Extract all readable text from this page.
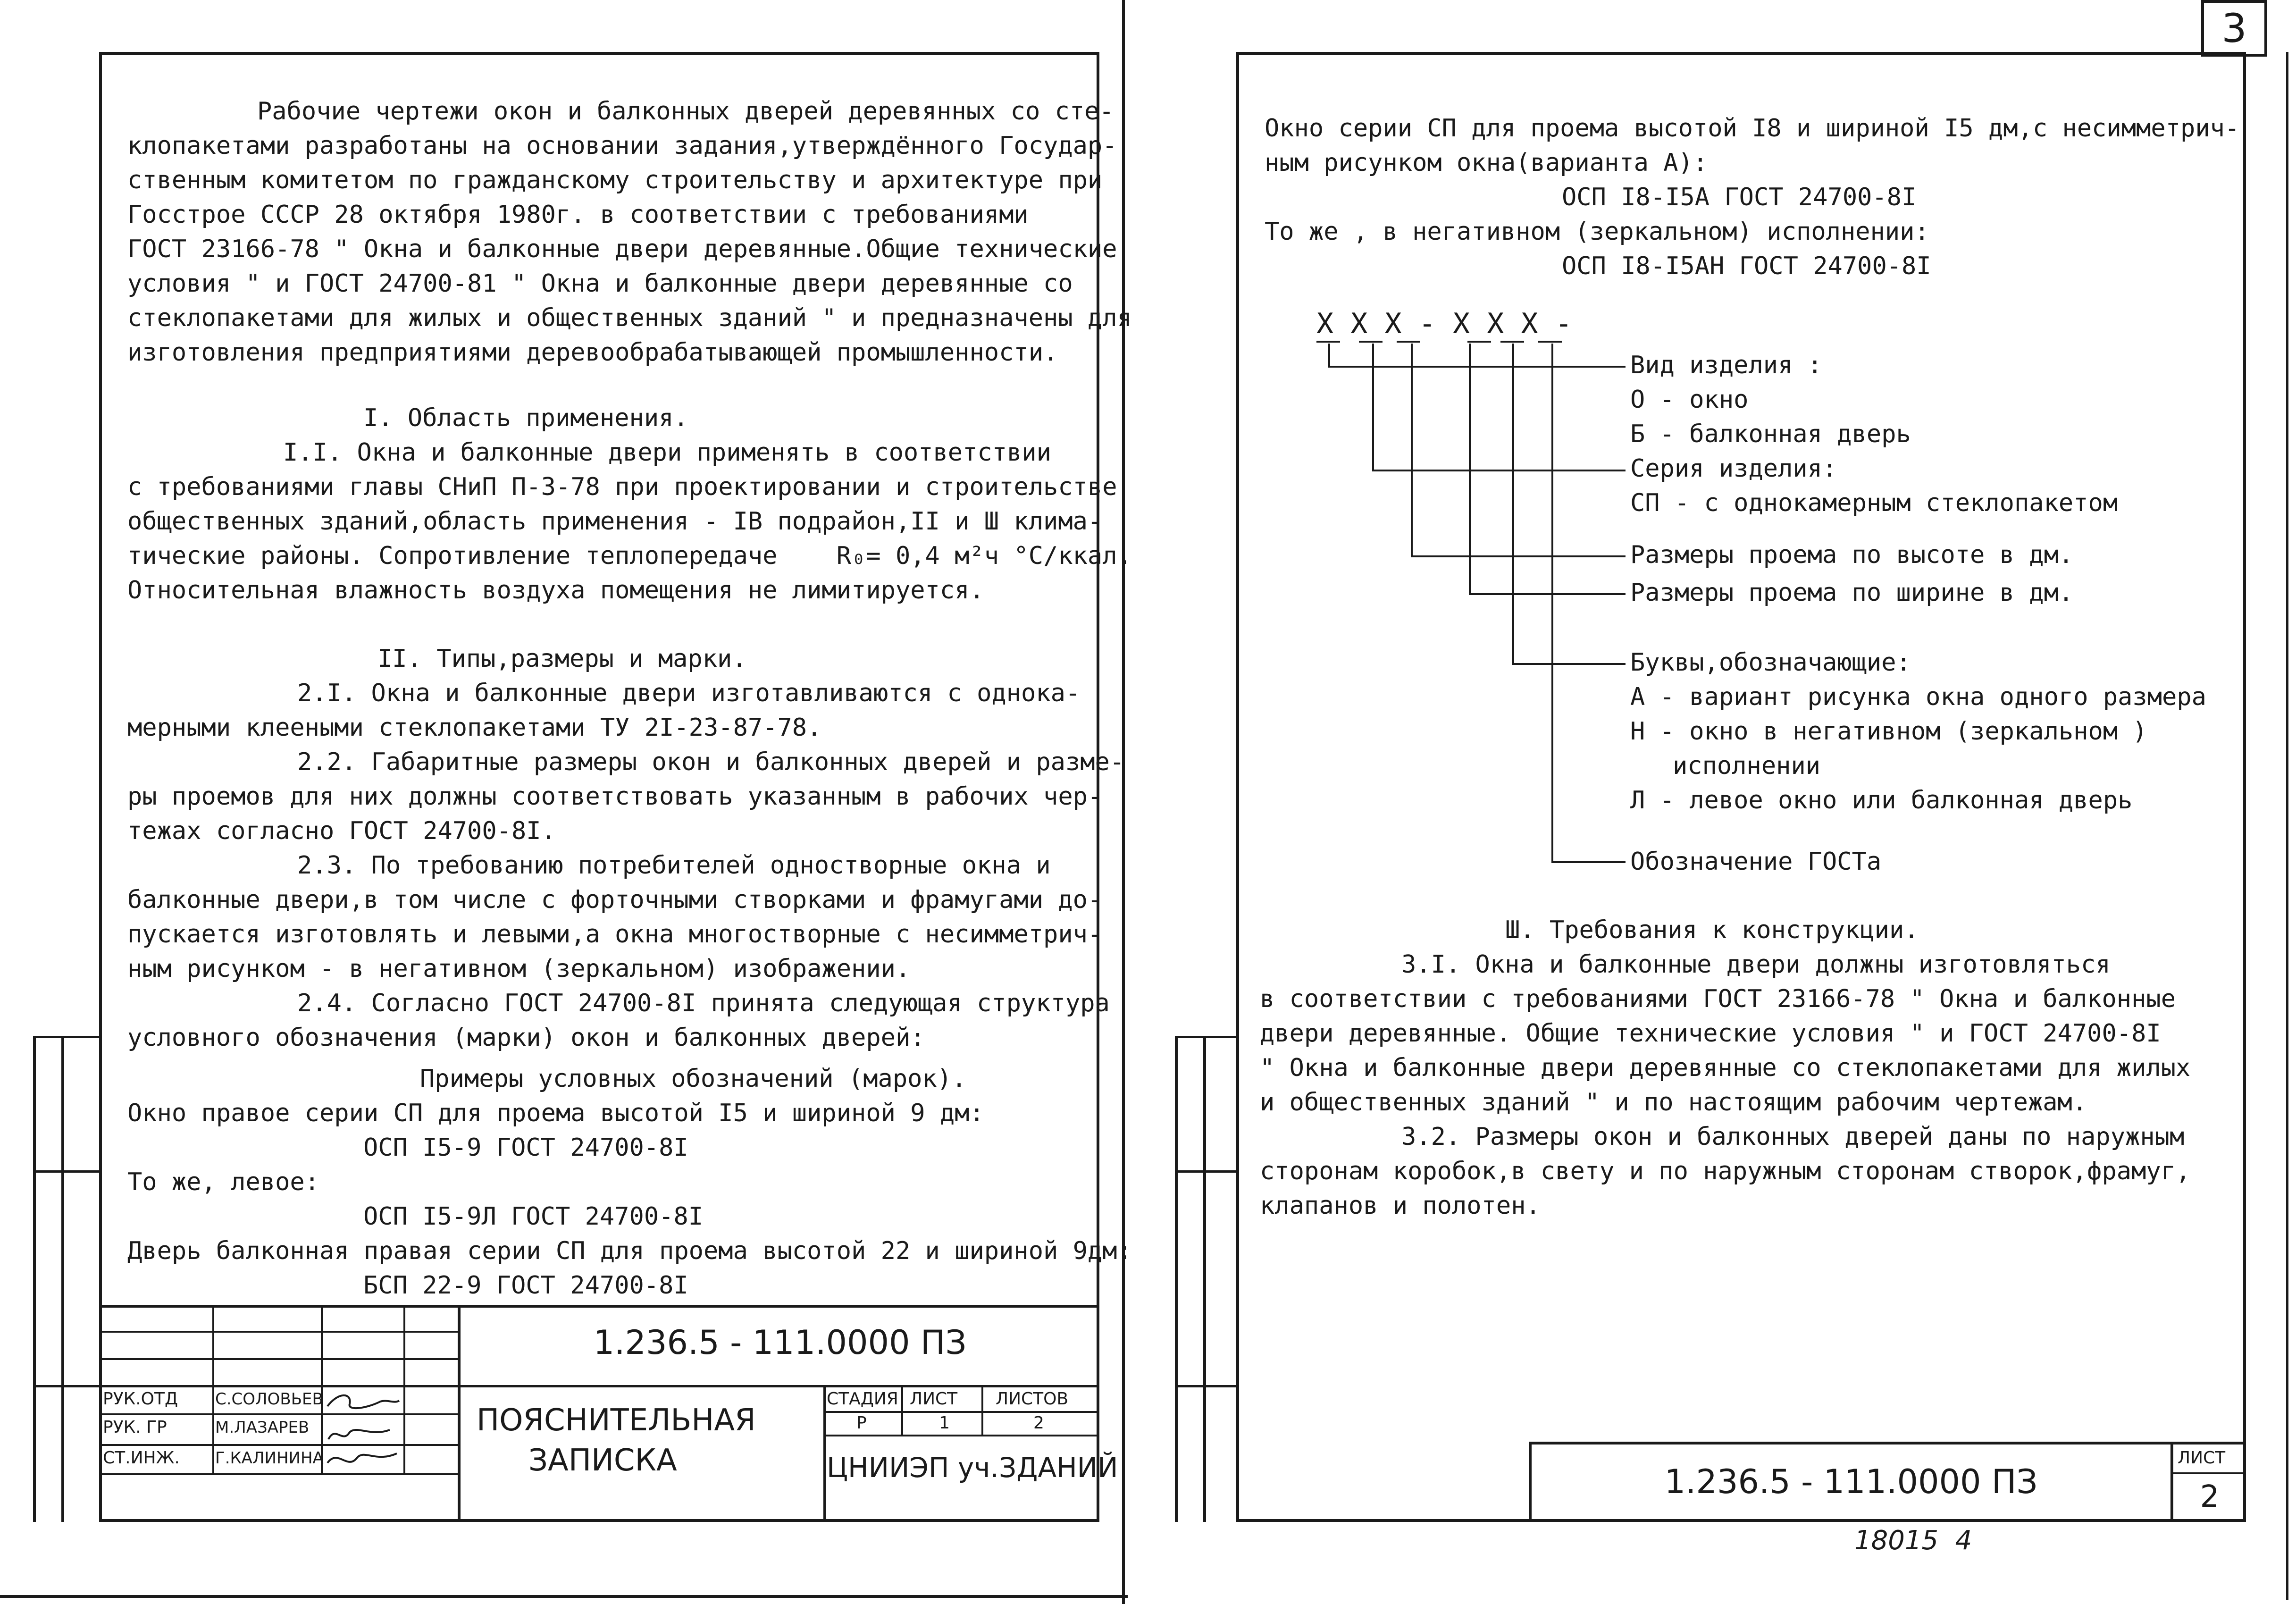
3
Рабочие чертежи окон и балконных дверей деревянных со сте-
клопакетами разработаны на основании задания,утверждённого Государ-
ственным комитетом по гражданскому строительству и архитектуре при
Госстрое СССР 28 октября 1980г. в соответствии с требованиями
ГОСТ 23166-78 " Окна и балконные двери деревянные.Общие технические
условия " и ГОСТ 24700-81 " Окна и балконные двери деревянные со
стеклопакетами для жилых и общественных зданий " и предназначены для
изготовления предприятиями деревообрабатывающей промышленности.
I. Область применения.
I.I. Окна и балконные двери применять в соответствии
с требованиями главы СНиП П-3-78 при проектировании и строительстве
общественных зданий,область применения - IВ подрайон,II и Ш клима-
тические районы. Сопротивление теплопередаче    R₀= 0,4 м²ч °С/ккал.
Относительная влажность воздуха помещения не лимитируется.
II. Типы,размеры и марки.
2.I. Окна и балконные двери изготавливаются с однока-
мерными клееными стеклопакетами ТУ 2I-23-87-78.
2.2. Габаритные размеры окон и балконных дверей и разме-
ры проемов для них должны соответствовать указанным в рабочих чер-
тежах согласно ГОСТ 24700-8I.
2.3. По требованию потребителей одностворные окна и
балконные двери,в том числе с форточными створками и фрамугами до-
пускается изготовлять и левыми,а окна многостворные с несимметрич-
ным рисунком - в негативном (зеркальном) изображении.
2.4. Согласно ГОСТ 24700-8I принята следующая структура
условного обозначения (марки) окон и балконных дверей:
Примеры условных обозначений (марок).
Окно правое серии СП для проема высотой I5 и шириной 9 дм:
ОСП I5-9 ГОСТ 24700-8I
То же, левое:
ОСП I5-9Л ГОСТ 24700-8I
Дверь балконная правая серии СП для проема высотой 22 и шириной 9дм:
БСП 22-9 ГОСТ 24700-8I
1.236.5 - 111.0000 ПЗ
РУК.ОТД С.СОЛОВЬЕВ
РУК. ГР	М.ЛАЗАРЕВ
СТ.ИНЖ. Г.КАЛИНИНА
ПОЯСНИТЕЛЬНАЯ
ЗАПИСКА
СТАДИЯ ЛИСТ ЛИСТОВ
Р	1	2
ЦНИИЭП уч.ЗДАНИЙ
Окно серии СП для проема высотой I8 и шириной I5 дм,с несимметрич-
ным рисунком окна(варианта А):
ОСП I8-I5А ГОСТ 24700-8I
То же , в негативном (зеркальном) исполнении:
ОСП I8-I5АН ГОСТ 24700-8I
Х Х Х - Х Х Х -
Вид изделия :
О - окно
Б - балконная дверь
Серия изделия:
СП - с однокамерным стеклопакетом
Размеры проема по высоте в дм.
Размеры проема по ширине в дм.
Буквы,обозначающие:
А - вариант рисунка окна одного размера
Н - окно в негативном (зеркальном )
исполнении
Л - левое окно или балконная дверь
Обозначение ГОСТа
Ш. Требования к конструкции.
3.I. Окна и балконные двери должны изготовляться
в соответствии с требованиями ГОСТ 23166-78 " Окна и балконные
двери деревянные. Общие технические условия " и ГОСТ 24700-8I
" Окна и балконные двери деревянные со стеклопакетами для жилых
и общественных зданий " и по настоящим рабочим чертежам.
3.2. Размеры окон и балконных дверей даны по наружным
сторонам коробок,в свету и по наружным сторонам створок,фрамуг,
клапанов и полотен.
1.236.5 - 111.0000 ПЗ
ЛИСТ
2
18015  4
